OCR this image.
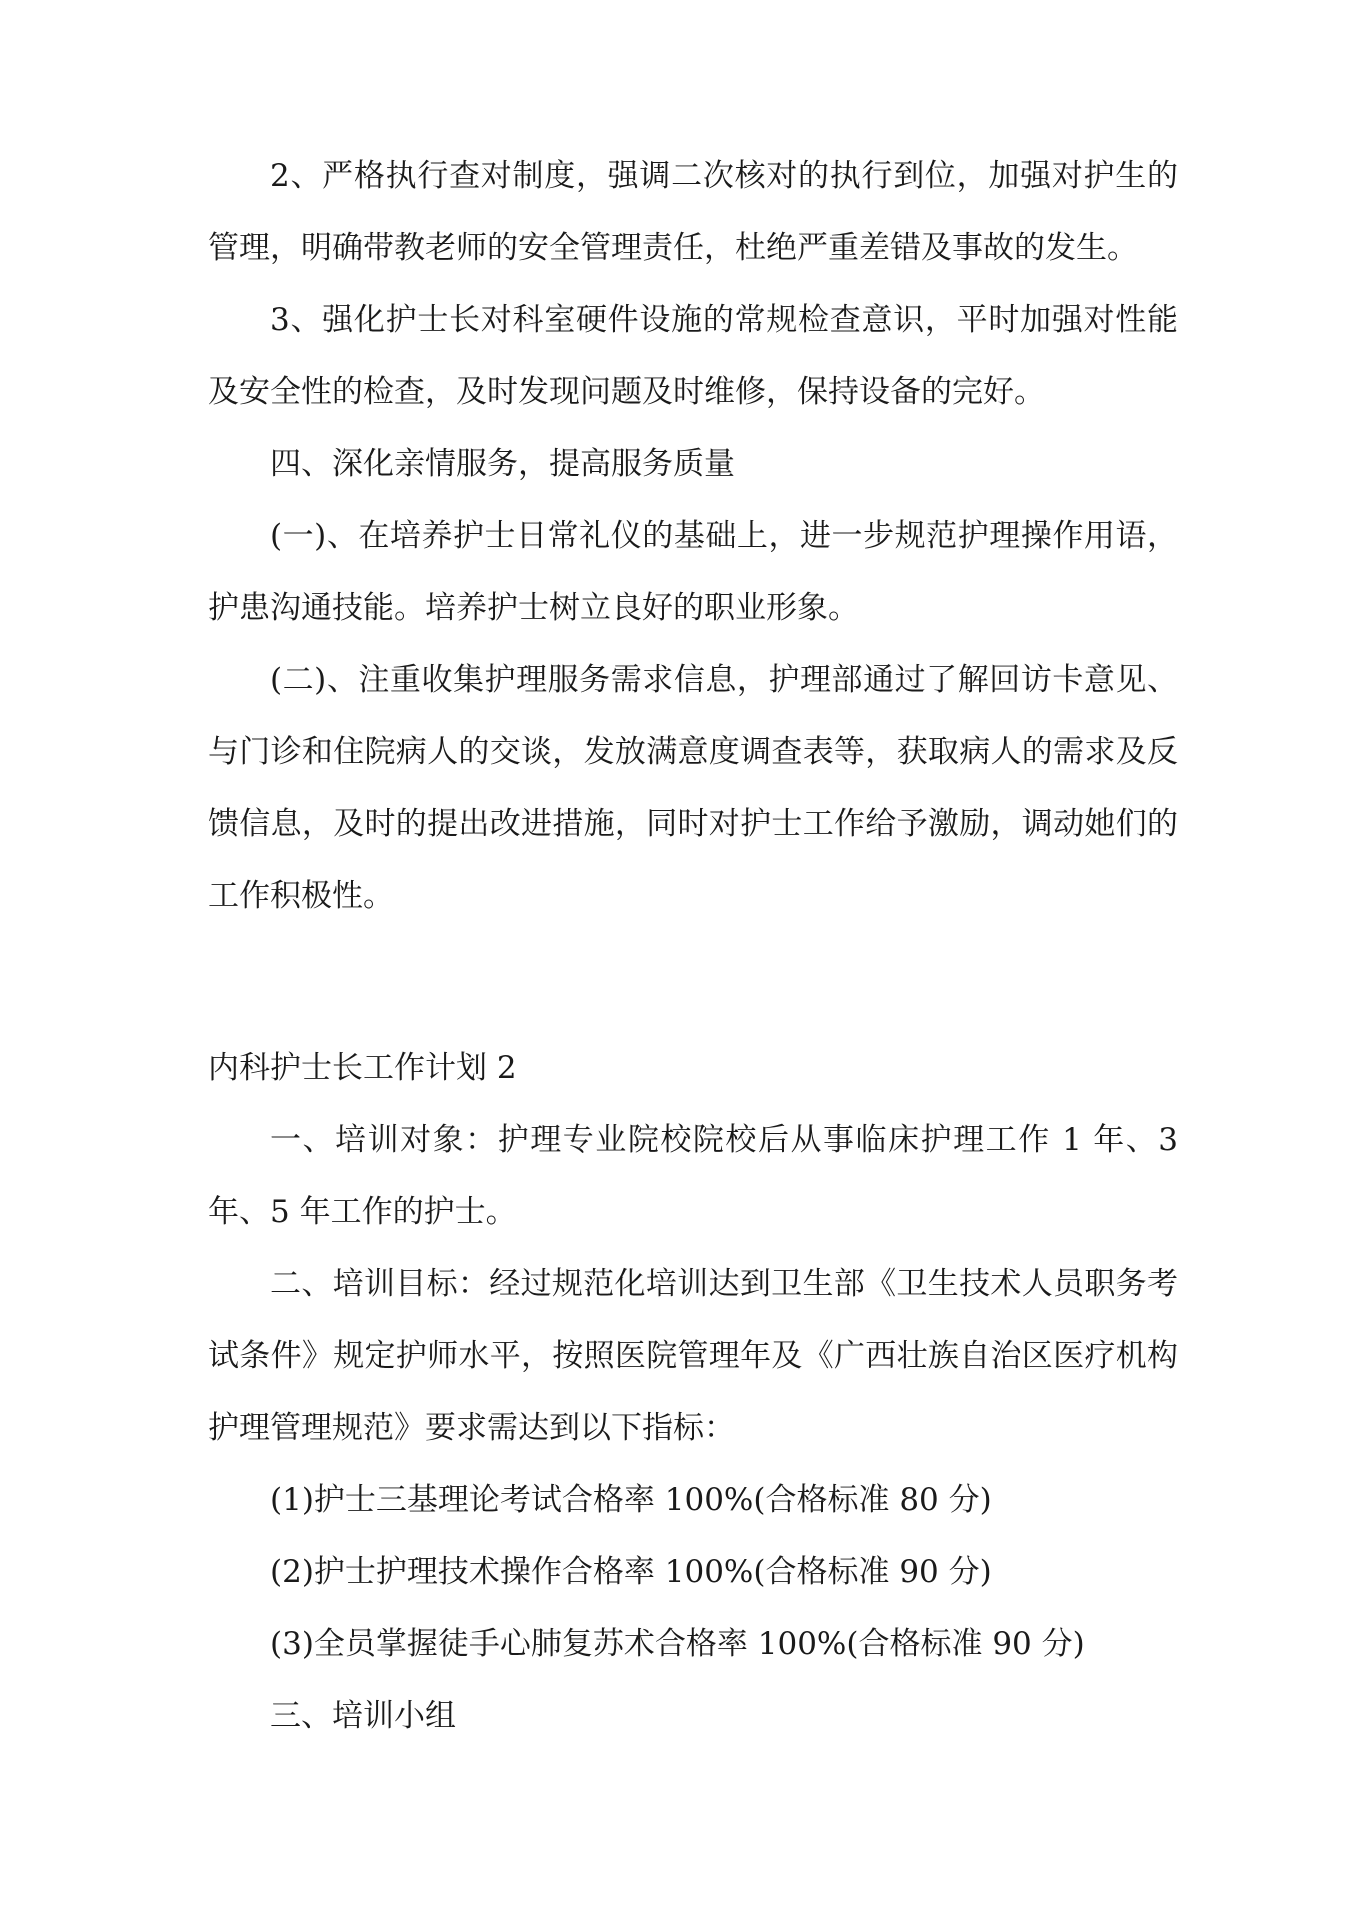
2、严格执行查对制度，强调二次核对的执行到位，加强对护生的管理，明确带教老师的安全管理责任，杜绝严重差错及事故的发生。

3、强化护士长对科室硬件设施的常规检查意识，平时加强对性能及安全性的检查，及时发现问题及时维修，保持设备的完好。

四、深化亲情服务，提高服务质量

(一)、在培养护士日常礼仪的基础上，进一步规范护理操作用语，护患沟通技能。培养护士树立良好的职业形象。

(二)、注重收集护理服务需求信息，护理部通过了解回访卡意见、与门诊和住院病人的交谈，发放满意度调查表等，获取病人的需求及反馈信息，及时的提出改进措施，同时对护士工作给予激励，调动她们的工作积极性。

内科护士长工作计划 2

一、培训对象：护理专业院校院校后从事临床护理工作 1 年、3 年、5 年工作的护士。

二、培训目标：经过规范化培训达到卫生部《卫生技术人员职务考试条件》规定护师水平，按照医院管理年及《广西壮族自治区医疗机构护理管理规范》要求需达到以下指标：

(1)护士三基理论考试合格率 100%(合格标准 80 分)

(2)护士护理技术操作合格率 100%(合格标准 90 分)

(3)全员掌握徒手心肺复苏术合格率 100%(合格标准 90 分)

三、培训小组
